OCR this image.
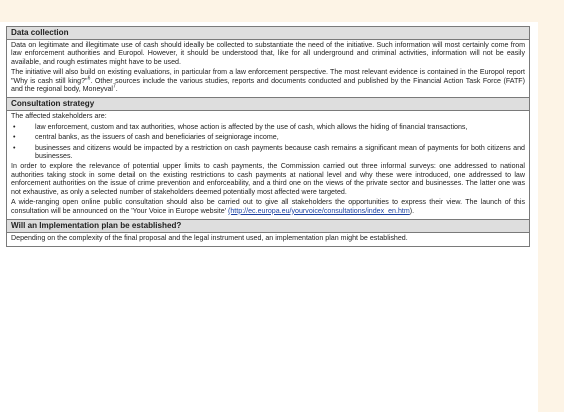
Data collection

Data on legitimate and illegitimate use of cash should ideally be collected to substantiate the need of the initiative. Such information will most certainly come from law enforcement authorities and Europol. However, it should be understood that, like for all underground and criminal activities, information will not be easily available, and rough estimates might have to be used.

The initiative will also build on existing evaluations, in particular from a law enforcement perspective. The most relevant evidence is contained in the Europol report "Why is cash still king?"$^6$. Other sources include the various studies, reports and documents conducted and published by the Financial Action Task Force (FATF) and the regional body, Moneyval$^7$.

Consultation strategy

The affected stakeholders are:

•	law enforcement, custom and tax authorities, whose action is affected by the use of cash, which allows the hiding of financial transactions,
•	central banks, as the issuers of cash and beneficiaries of seigniorage income,
•	businesses and citizens would be impacted by a restriction on cash payments because cash remains a significant mean of payments for both citizens and businesses.

In order to explore the relevance of potential upper limits to cash payments, the Commission carried out three informal surveys: one addressed to national authorities taking stock in some detail on the existing restrictions to cash payments at national level and why these were introduced, one addressed to law enforcement authorities on the issue of crime prevention and enforceability, and a third one on the views of the private sector and businesses. The latter one was not exhaustive, as only a selected number of stakeholders deemed potentially most affected were targeted.

A wide-ranging open online public consultation should also be carried out to give all stakeholders the opportunities to express their view. The launch of this consultation will be announced on the 'Your Voice in Europe website' (http://ec.europa.eu/yourvoice/consultations/index_en.htm).

Will an Implementation plan be established?

Depending on the complexity of the final proposal and the legal instrument used, an implementation plan might be established.
